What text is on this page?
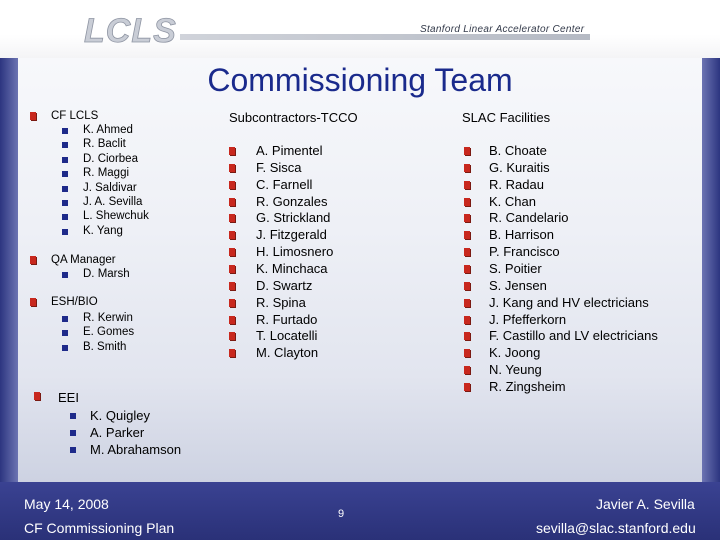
LCLS	Stanford Linear Accelerator Center
Commissioning Team
CF LCLS
K. Ahmed
R. Baclit
D. Ciorbea
R. Maggi
J. Saldivar
J. A. Sevilla
L. Shewchuk
K. Yang
QA Manager
D. Marsh
ESH/BIO
R. Kerwin
E. Gomes
B. Smith
EEI
K. Quigley
A. Parker
M. Abrahamson
Subcontractors-TCCO
A. Pimentel
F. Sisca
C. Farnell
R. Gonzales
G. Strickland
J. Fitzgerald
H. Limosnero
K. Minchaca
D. Swartz
R. Spina
R. Furtado
T. Locatelli
M. Clayton
SLAC Facilities
B. Choate
G. Kuraitis
R. Radau
K. Chan
R. Candelario
B. Harrison
P. Francisco
S. Poitier
S. Jensen
J. Kang and HV electricians
J. Pfefferkorn
F. Castillo and LV electricians
K. Joong
N. Yeung
R. Zingsheim
May 14, 2008
CF Commissioning Plan
9
Javier A. Sevilla
sevilla@slac.stanford.edu
